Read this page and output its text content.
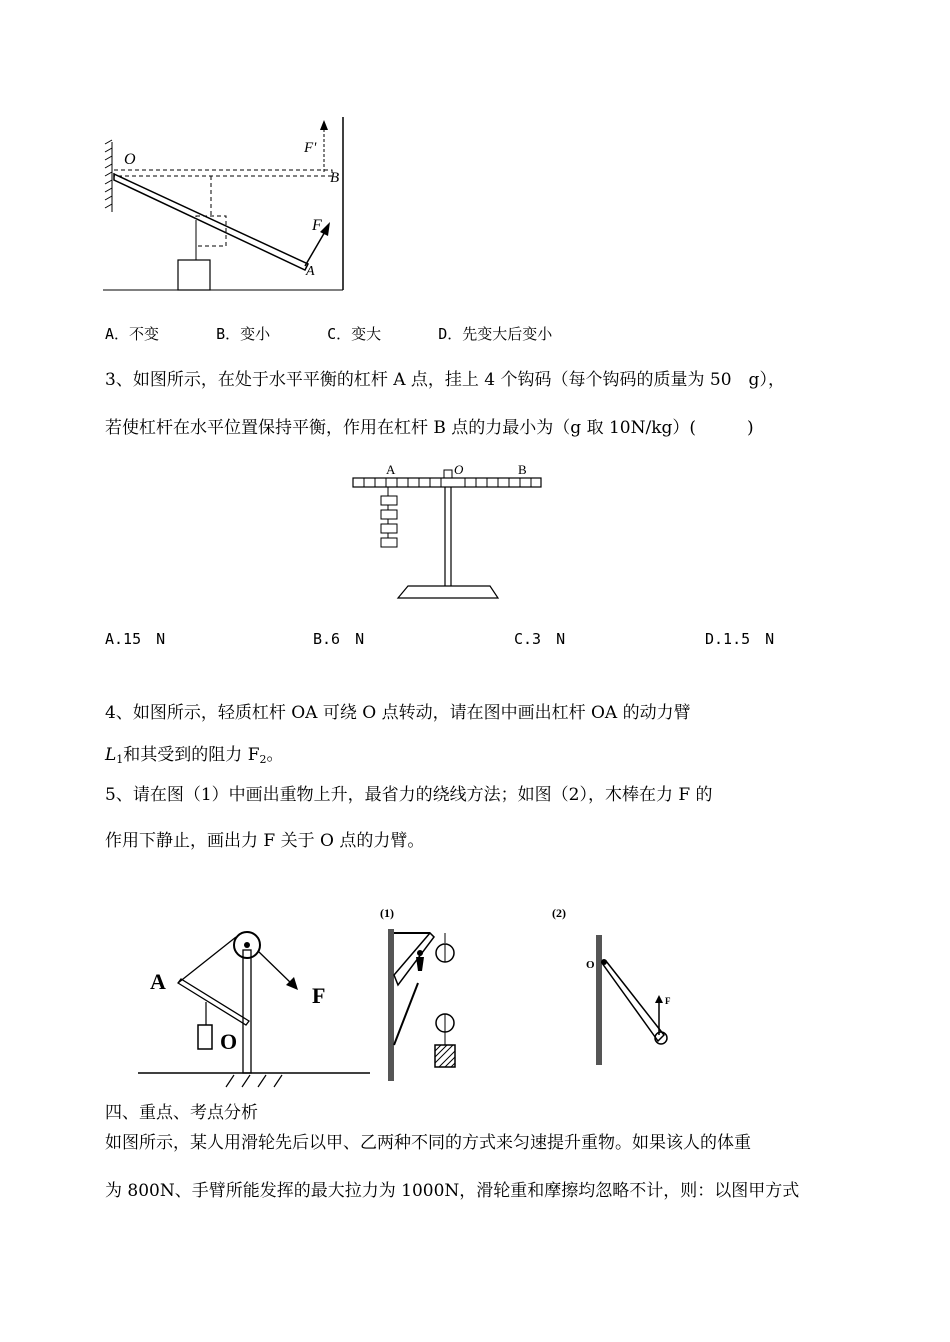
O
F'
B
F
A
A．不变	B．变小	C．变大	D．先变大后变小
3、如图所示，在处于水平平衡的杠杆 A 点，挂上 4 个钩码（每个钩码的质量为 50　g），
若使杠杆在水平位置保持平衡，作用在杠杆 B 点的力最小为（g 取 10N/kg）(　　　)
A	O	B
A.15　N	B.6　N	C.3　N	D.1.5　N
4、如图所示，轻质杠杆 OA 可绕 O 点转动，请在图中画出杠杆 OA 的动力臂
$L_1$和其受到的阻力 $F_2$。
5、请在图（1）中画出重物上升，最省力的绕线方法；如图（2），木棒在力 F 的
作用下静止，画出力 F 关于 O 点的力臂。
A
O
F
(1)	(2)
O
F
四、重点、考点分析
如图所示，某人用滑轮先后以甲、乙两种不同的方式来匀速提升重物。如果该人的体重
为 800N、手臂所能发挥的最大拉力为 1000N，滑轮重和摩擦均忽略不计，则：以图甲方式
